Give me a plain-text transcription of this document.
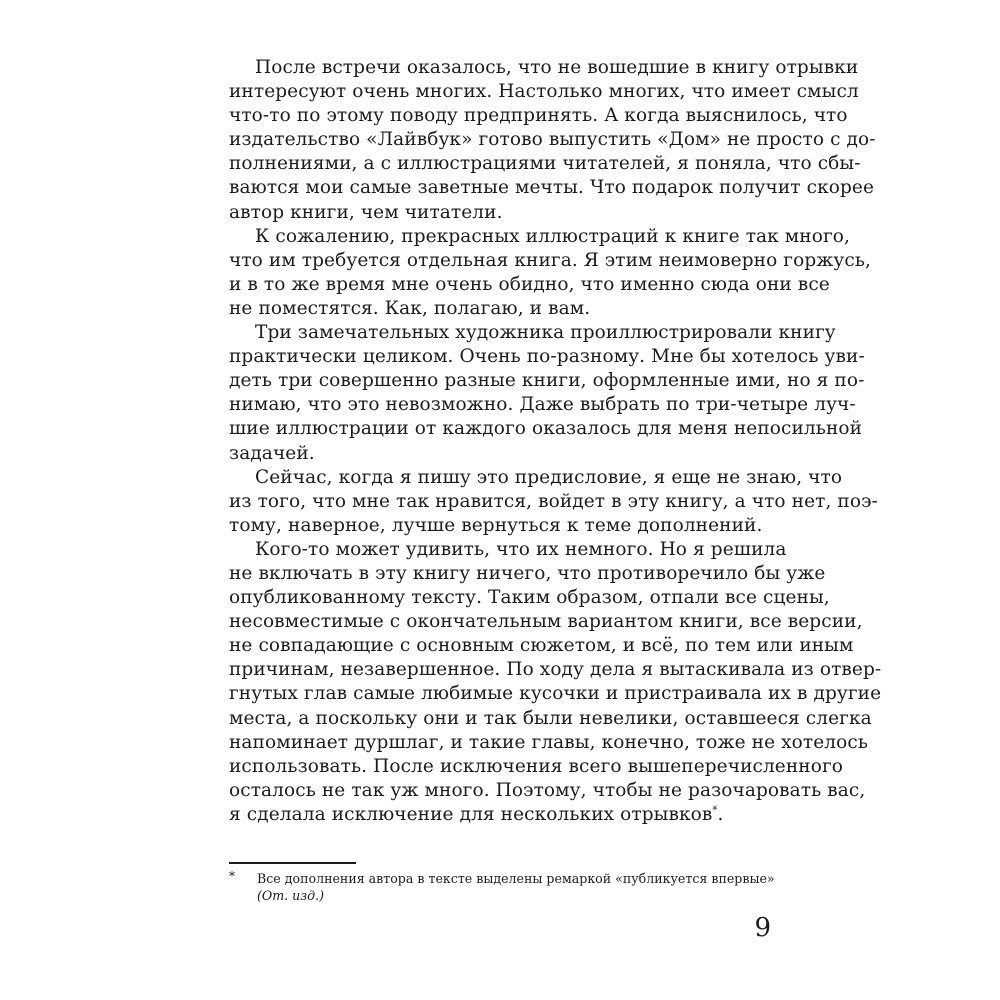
После встречи оказалось, что не вошедшие в книгу отрывки
интересуют очень многих. Настолько многих, что имеет смысл
что-то по этому поводу предпринять. А когда выяснилось, что
издательство «Лайвбук» готово выпустить «Дом» не просто с до-
полнениями, а с иллюстрациями читателей, я поняла, что сбы-
ваются мои самые заветные мечты. Что подарок получит скорее
автор книги, чем читатели.
К сожалению, прекрасных иллюстраций к книге так много,
что им требуется отдельная книга. Я этим неимоверно горжусь,
и в то же время мне очень обидно, что именно сюда они все
не поместятся. Как, полагаю, и вам.
Три замечательных художника проиллюстрировали книгу
практически целиком. Очень по-разному. Мне бы хотелось уви-
деть три совершенно разные книги, оформленные ими, но я по-
нимаю, что это невозможно. Даже выбрать по три-четыре луч-
шие иллюстрации от каждого оказалось для меня непосильной
задачей.
Сейчас, когда я пишу это предисловие, я еще не знаю, что
из того, что мне так нравится, войдет в эту книгу, а что нет, поэ-
тому, наверное, лучше вернуться к теме дополнений.
Кого-то может удивить, что их немного. Но я решила
не включать в эту книгу ничего, что противоречило бы уже
опубликованному тексту. Таким образом, отпали все сцены,
несовместимые с окончательным вариантом книги, все версии,
не совпадающие с основным сюжетом, и всё, по тем или иным
причинам, незавершенное. По ходу дела я вытаскивала из отвер-
гнутых глав самые любимые кусочки и пристраивала их в другие
места, а поскольку они и так были невелики, оставшееся слегка
напоминает дуршлаг, и такие главы, конечно, тоже не хотелось
использовать. После исключения всего вышеперечисленного
осталось не так уж много. Поэтому, чтобы не разочаровать вас,
я сделала исключение для нескольких отрывков*.
* Все дополнения автора в тексте выделены ремаркой «публикуется впервые»
(От. изд.)
9
